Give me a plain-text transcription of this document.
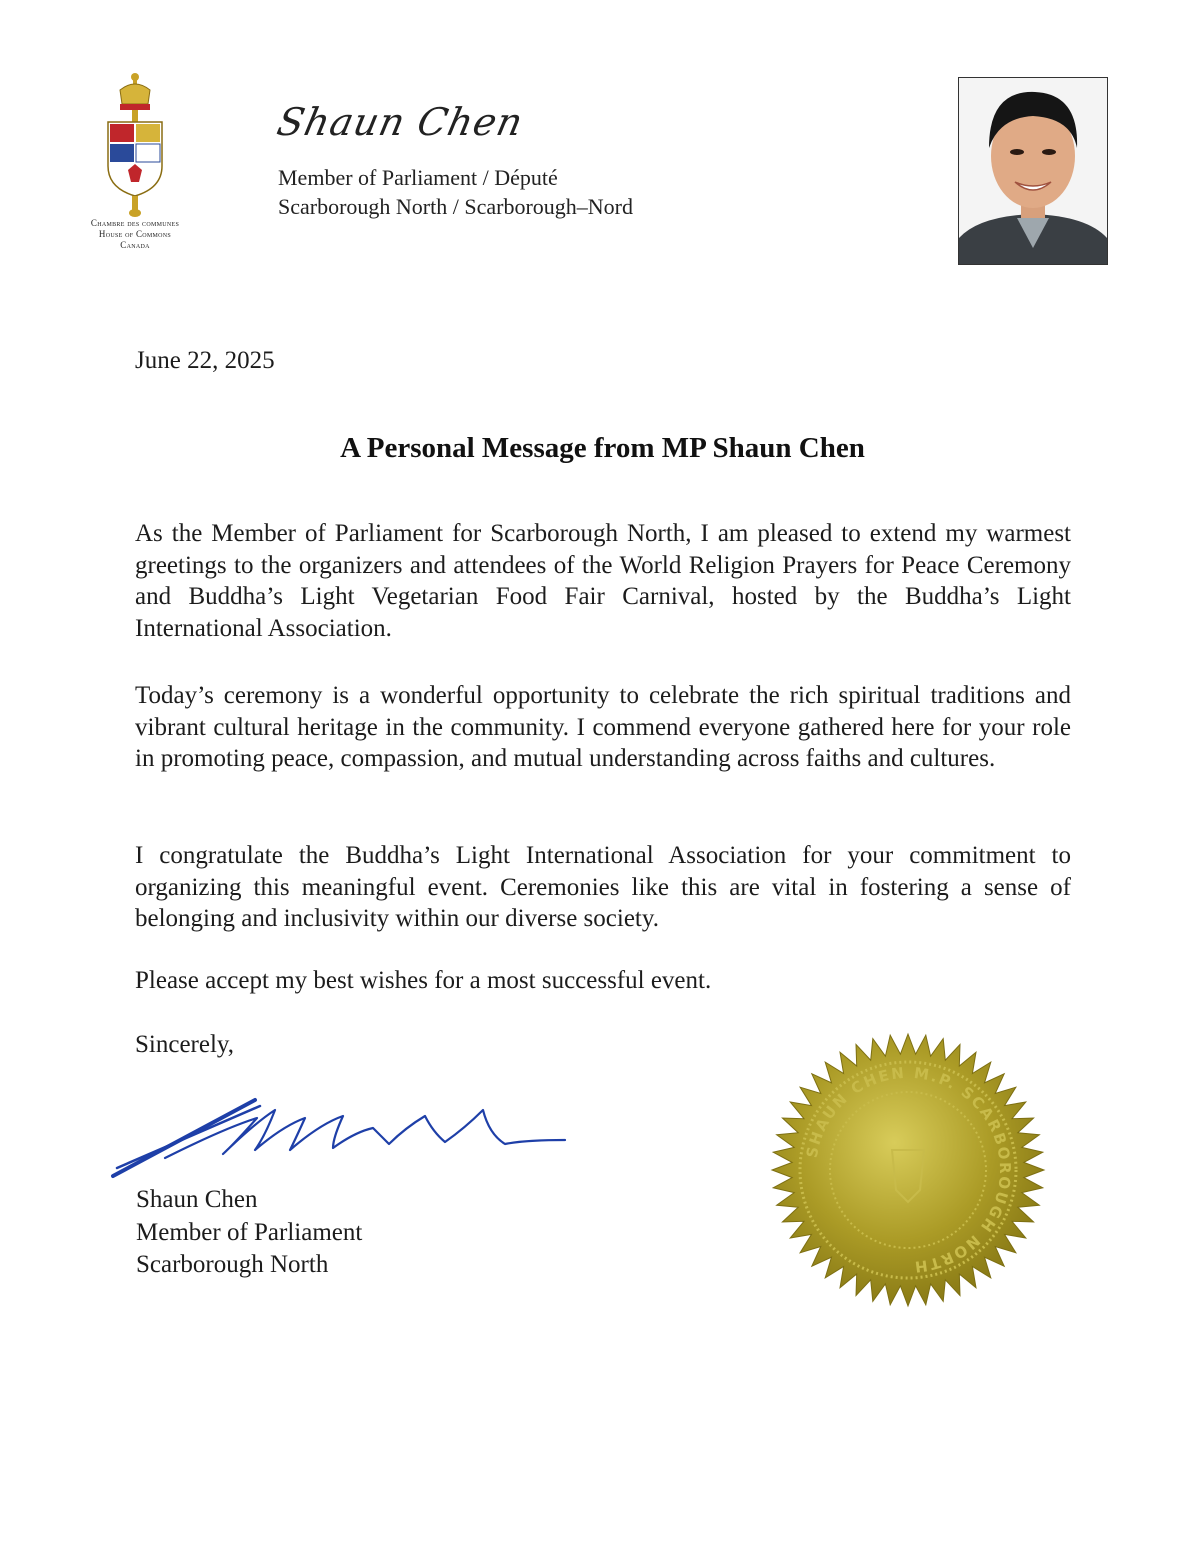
Chambre des communes
House of Commons
Canada
Shaun Chen
Member of Parliament / Député
Scarborough North / Scarborough–Nord
June 22, 2025
A Personal Message from MP Shaun Chen
As the Member of Parliament for Scarborough North, I am pleased to extend my warmest greetings to the organizers and attendees of the World Religion Prayers for Peace Ceremony and Buddha’s Light Vegetarian Food Fair Carnival, hosted by the Buddha’s Light International Association.
Today’s ceremony is a wonderful opportunity to celebrate the rich spiritual traditions and vibrant cultural heritage in the community. I commend everyone gathered here for your role in promoting peace, compassion, and mutual understanding across faiths and cultures.
I congratulate the Buddha’s Light International Association for your commitment to organizing this meaningful event. Ceremonies like this are vital in fostering a sense of belonging and inclusivity within our diverse society.
Please accept my best wishes for a most successful event.
Sincerely,
Shaun Chen
Member of Parliament
Scarborough North
SHAUN CHEN M.P. SCARBOROUGH NORTH
